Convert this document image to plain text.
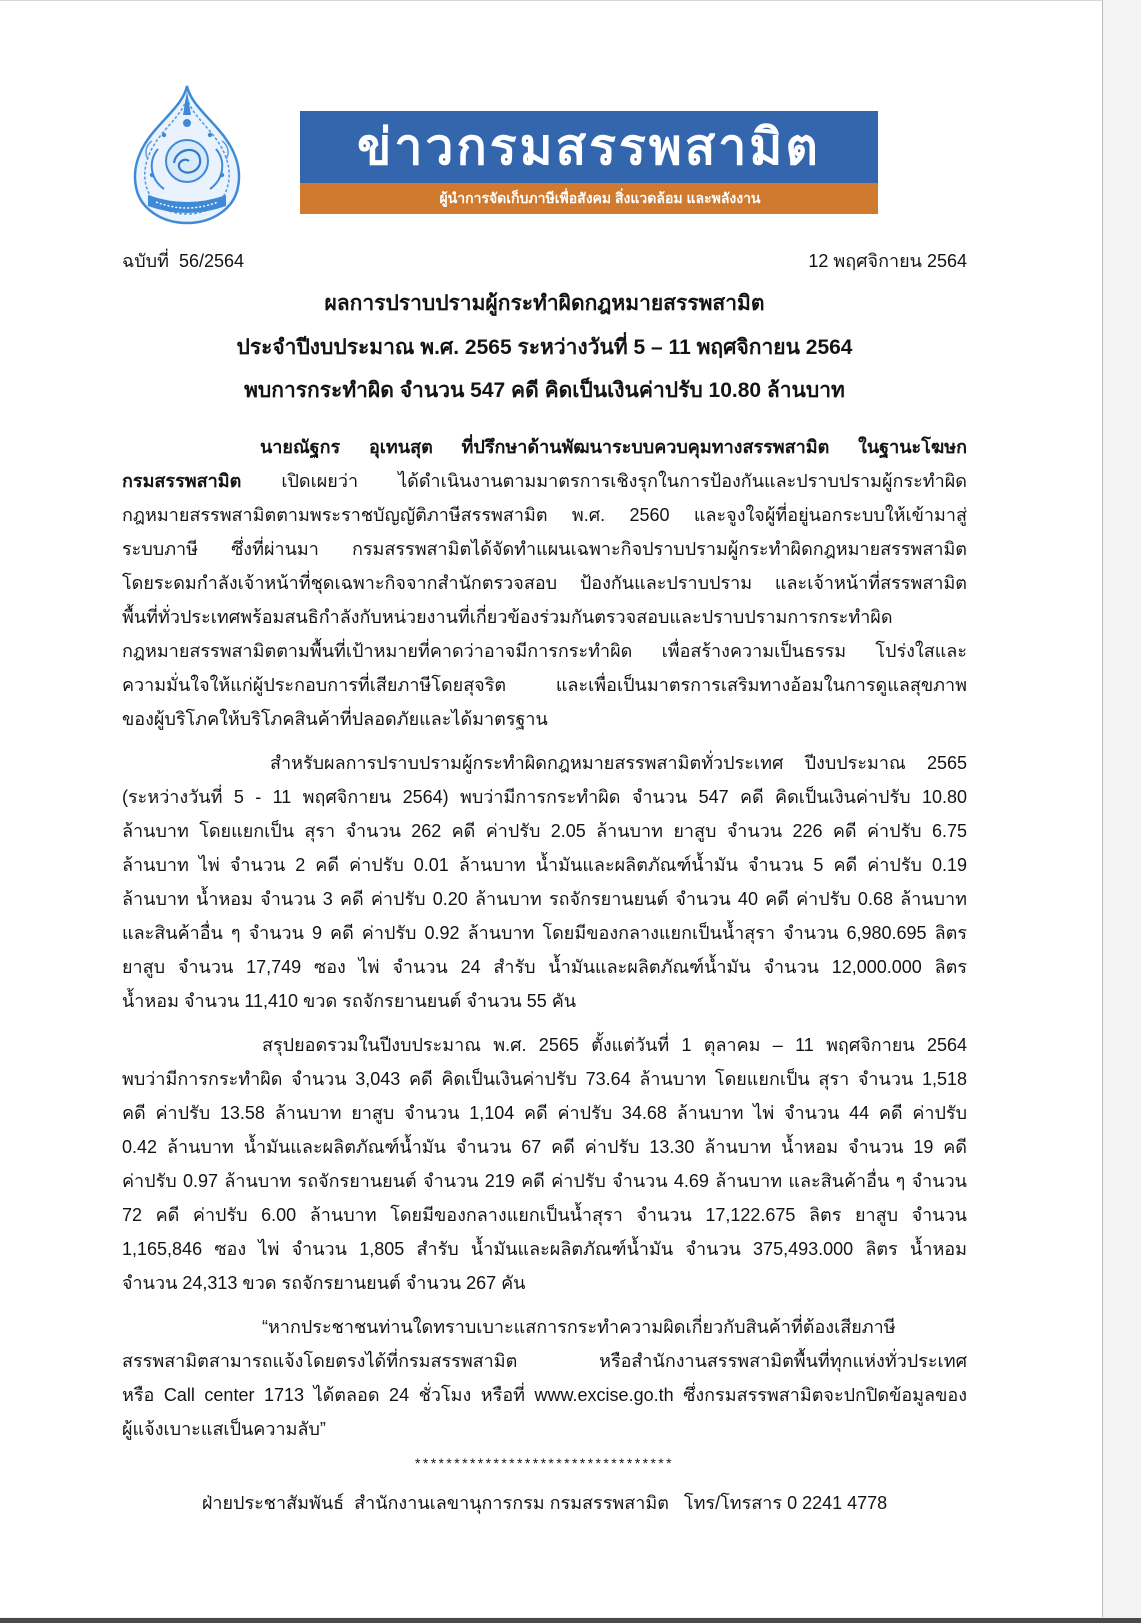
ข่าวกรมสรรพสามิต
ผู้นำการจัดเก็บภาษีเพื่อสังคม สิ่งแวดล้อม และพลังงาน
ฉบับที่  56/2564	12 พฤศจิกายน 2564
ผลการปราบปรามผู้กระทำผิดกฎหมายสรรพสามิต
ประจำปีงบประมาณ พ.ศ. 2565 ระหว่างวันที่ 5 – 11 พฤศจิกายน 2564
พบการกระทำผิด จำนวน 547 คดี คิดเป็นเงินค่าปรับ 10.80 ล้านบาท
นายณัฐกร อุเทนสุต ที่ปรึกษาด้านพัฒนาระบบควบคุมทางสรรพสามิต ในฐานะโฆษก
กรมสรรพสามิต เปิดเผยว่า ได้ดำเนินงานตามมาตรการเชิงรุกในการป้องกันและปราบปรามผู้กระทำผิด
กฎหมายสรรพสามิตตามพระราชบัญญัติภาษีสรรพสามิต พ.ศ. 2560 และจูงใจผู้ที่อยู่นอกระบบให้เข้ามาสู่
ระบบภาษี ซึ่งที่ผ่านมา กรมสรรพสามิตได้จัดทำแผนเฉพาะกิจปราบปรามผู้กระทำผิดกฎหมายสรรพสามิต
โดยระดมกำลังเจ้าหน้าที่ชุดเฉพาะกิจจากสำนักตรวจสอบ ป้องกันและปราบปราม และเจ้าหน้าที่สรรพสามิต
พื้นที่ทั่วประเทศพร้อมสนธิกำลังกับหน่วยงานที่เกี่ยวข้องร่วมกันตรวจสอบและปราบปรามการกระทำผิด
กฎหมายสรรพสามิตตามพื้นที่เป้าหมายที่คาดว่าอาจมีการกระทำผิด เพื่อสร้างความเป็นธรรม โปร่งใสและ
ความมั่นใจให้แก่ผู้ประกอบการที่เสียภาษีโดยสุจริต และเพื่อเป็นมาตรการเสริมทางอ้อมในการดูแลสุขภาพ
ของผู้บริโภคให้บริโภคสินค้าที่ปลอดภัยและได้มาตรฐาน
สำหรับผลการปราบปรามผู้กระทำผิดกฎหมายสรรพสามิตทั่วประเทศ ปีงบประมาณ 2565
(ระหว่างวันที่ 5 - 11 พฤศจิกายน 2564) พบว่ามีการกระทำผิด จำนวน 547 คดี คิดเป็นเงินค่าปรับ 10.80
ล้านบาท โดยแยกเป็น สุรา จำนวน 262 คดี ค่าปรับ 2.05 ล้านบาท ยาสูบ จำนวน 226 คดี ค่าปรับ 6.75
ล้านบาท ไพ่ จำนวน 2 คดี ค่าปรับ 0.01 ล้านบาท น้ำมันและผลิตภัณฑ์น้ำมัน จำนวน 5 คดี ค่าปรับ 0.19
ล้านบาท น้ำหอม จำนวน 3 คดี ค่าปรับ 0.20 ล้านบาท รถจักรยานยนต์ จำนวน 40 คดี ค่าปรับ 0.68 ล้านบาท
และสินค้าอื่น ๆ จำนวน 9 คดี ค่าปรับ 0.92 ล้านบาท โดยมีของกลางแยกเป็นน้ำสุรา จำนวน 6,980.695 ลิตร
ยาสูบ จำนวน 17,749 ซอง ไพ่ จำนวน 24 สำรับ น้ำมันและผลิตภัณฑ์น้ำมัน จำนวน 12,000.000 ลิตร
น้ำหอม จำนวน 11,410 ขวด รถจักรยานยนต์ จำนวน 55 คัน
สรุปยอดรวมในปีงบประมาณ พ.ศ. 2565 ตั้งแต่วันที่ 1 ตุลาคม – 11 พฤศจิกายน 2564
พบว่ามีการกระทำผิด จำนวน 3,043 คดี คิดเป็นเงินค่าปรับ 73.64 ล้านบาท โดยแยกเป็น สุรา จำนวน 1,518
คดี ค่าปรับ 13.58 ล้านบาท ยาสูบ จำนวน 1,104 คดี ค่าปรับ 34.68 ล้านบาท ไพ่ จำนวน 44 คดี ค่าปรับ
0.42 ล้านบาท น้ำมันและผลิตภัณฑ์น้ำมัน จำนวน 67 คดี ค่าปรับ 13.30 ล้านบาท น้ำหอม จำนวน 19 คดี
ค่าปรับ 0.97 ล้านบาท รถจักรยานยนต์ จำนวน 219 คดี ค่าปรับ จำนวน 4.69 ล้านบาท และสินค้าอื่น ๆ จำนวน
72 คดี ค่าปรับ 6.00 ล้านบาท โดยมีของกลางแยกเป็นน้ำสุรา จำนวน 17,122.675 ลิตร ยาสูบ จำนวน
1,165,846 ซอง ไพ่ จำนวน 1,805 สำรับ น้ำมันและผลิตภัณฑ์น้ำมัน จำนวน 375,493.000 ลิตร น้ำหอม
จำนวน 24,313 ขวด รถจักรยานยนต์ จำนวน 267 คัน
“หากประชาชนท่านใดทราบเบาะแสการกระทำความผิดเกี่ยวกับสินค้าที่ต้องเสียภาษี
สรรพสามิตสามารถแจ้งโดยตรงได้ที่กรมสรรพสามิต หรือสำนักงานสรรพสามิตพื้นที่ทุกแห่งทั่วประเทศ
หรือ Call center 1713 ได้ตลอด 24 ชั่วโมง หรือที่ www.excise.go.th ซึ่งกรมสรรพสามิตจะปกปิดข้อมูลของ
ผู้แจ้งเบาะแสเป็นความลับ”
*********************************
ฝ่ายประชาสัมพันธ์  สำนักงานเลขานุการกรม กรมสรรพสามิต   โทร/โทรสาร 0 2241 4778
